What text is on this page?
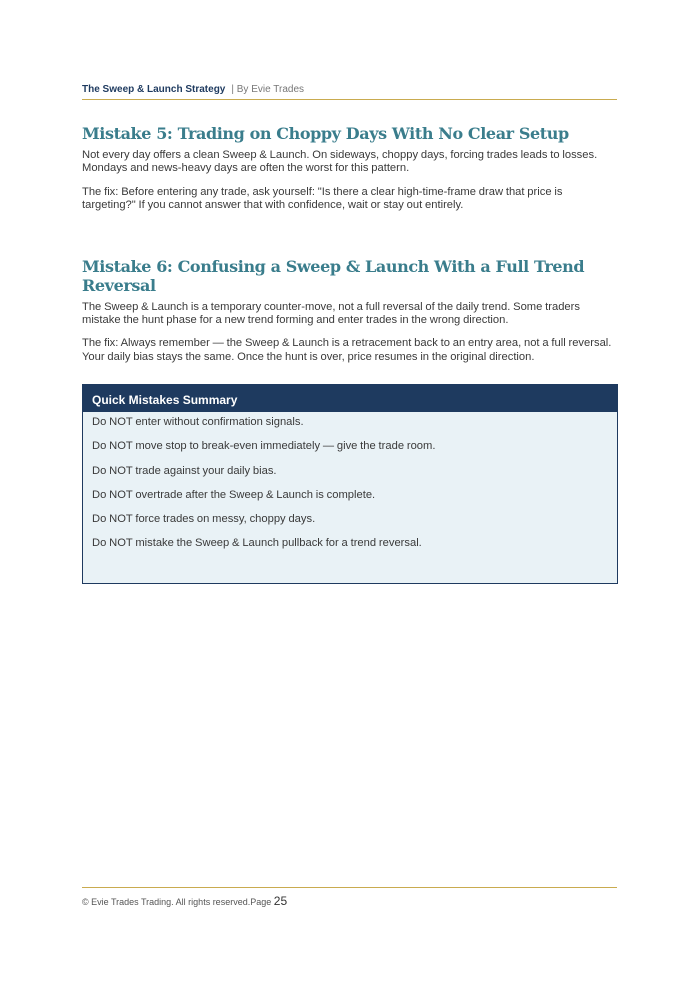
The Sweep & Launch Strategy | By Evie Trades
Mistake 5: Trading on Choppy Days With No Clear Setup

Not every day offers a clean Sweep & Launch. On sideways, choppy days, forcing trades leads to losses. Mondays and news-heavy days are often the worst for this pattern.

The fix: Before entering any trade, ask yourself: "Is there a clear high-time-frame draw that price is targeting?" If you cannot answer that with confidence, wait or stay out entirely.

Mistake 6: Confusing a Sweep & Launch With a Full Trend Reversal

The Sweep & Launch is a temporary counter-move, not a full reversal of the daily trend. Some traders mistake the hunt phase for a new trend forming and enter trades in the wrong direction.

The fix: Always remember — the Sweep & Launch is a retracement back to an entry area, not a full reversal. Your daily bias stays the same. Once the hunt is over, price resumes in the original direction.

Quick Mistakes Summary
Do NOT enter without confirmation signals.
Do NOT move stop to break-even immediately — give the trade room.
Do NOT trade against your daily bias.
Do NOT overtrade after the Sweep & Launch is complete.
Do NOT force trades on messy, choppy days.
Do NOT mistake the Sweep & Launch pullback for a trend reversal.
© Evie Trades Trading. All rights reserved.Page 25
